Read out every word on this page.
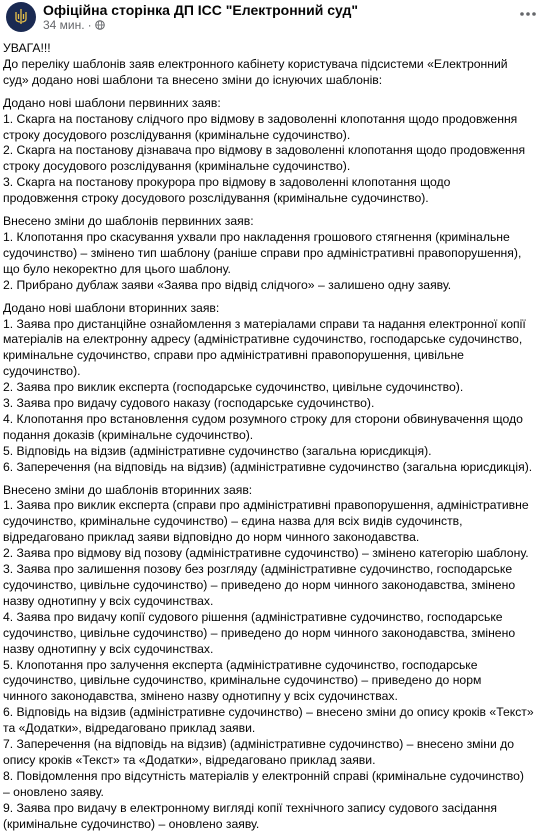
Офіційна сторінка ДП ІСС "Електронний суд"
34 мин. ·

УВАГА!!!

До переліку шаблонів заяв електронного кабінету користувача підсистеми «Електронний

суд» додано нові шаблони та внесено зміни до існуючих шаблонів:

Додано нові шаблони первинних заяв:

1. Скарга на постанову слідчого про відмову в задоволенні клопотання щодо продовження

строку досудового розслідування (кримінальне судочинство).

2. Скарга на постанову дізнавача про відмову в задоволенні клопотання щодо продовження

строку досудового розслідування (кримінальне судочинство).

3. Скарга на постанову прокурора про відмову в задоволенні клопотання щодо

продовження строку досудового розслідування (кримінальне судочинство).

Внесено зміни до шаблонів первинних заяв:

1. Клопотання про скасування ухвали про накладення грошового стягнення (кримінальне

судочинство) – змінено тип шаблону (раніше справи про адміністративні правопорушення),

що було некоректно для цього шаблону.

2. Прибрано дублаж заяви «Заява про відвід слідчого» – залишено одну заяву.

Додано нові шаблони вторинних заяв:

1. Заява про дистанційне ознайомлення з матеріалами справи та надання електронної копії

матеріалів на електронну адресу (адміністративне судочинство, господарське судочинство,

кримінальне судочинство, справи про адміністративні правопорушення, цивільне

судочинство).

2. Заява про виклик експерта (господарське судочинство, цивільне судочинство).

3. Заява про видачу судового наказу (господарське судочинство).

4. Клопотання про встановлення судом розумного строку для сторони обвинувачення щодо

подання доказів (кримінальне судочинство).

5. Відповідь на відзив (адміністративне судочинство (загальна юрисдикція).

6. Заперечення (на відповідь на відзив) (адміністративне судочинство (загальна юрисдикція).

Внесено зміни до шаблонів вторинних заяв:

1. Заява про виклик експерта (справи про адміністративні правопорушення, адміністративне

судочинство, кримінальне судочинство) – єдина назва для всіх видів судочинств,

відредаговано приклад заяви відповідно до норм чинного законодавства.

2. Заява про відмову від позову (адміністративне судочинство) – змінено категорію шаблону.

3. Заява про залишення позову без розгляду (адміністративне судочинство, господарське

судочинство, цивільне судочинство) – приведено до норм чинного законодавства, змінено

назву однотипну у всіх судочинствах.

4. Заява про видачу копії судового рішення (адміністративне судочинство, господарське

судочинство, цивільне судочинство) – приведено до норм чинного законодавства, змінено

назву однотипну у всіх судочинствах.

5. Клопотання про залучення експерта (адміністративне судочинство, господарське

судочинство, цивільне судочинство, кримінальне судочинство) – приведено до норм

чинного законодавства, змінено назву однотипну у всіх судочинствах.

6. Відповідь на відзив (адміністративне судочинство) – внесено зміни до опису кроків «Текст»

та «Додатки», відредаговано приклад заяви.

7. Заперечення (на відповідь на відзив) (адміністративне судочинство) – внесено зміни до

опису кроків «Текст» та «Додатки», відредаговано приклад заяви.

8. Повідомлення про відсутність матеріалів у електронній справі (кримінальне судочинство)

– оновлено заяву.

9. Заява про видачу в електронному вигляді копії технічного запису судового засідання

(кримінальне судочинство) – оновлено заяву.
